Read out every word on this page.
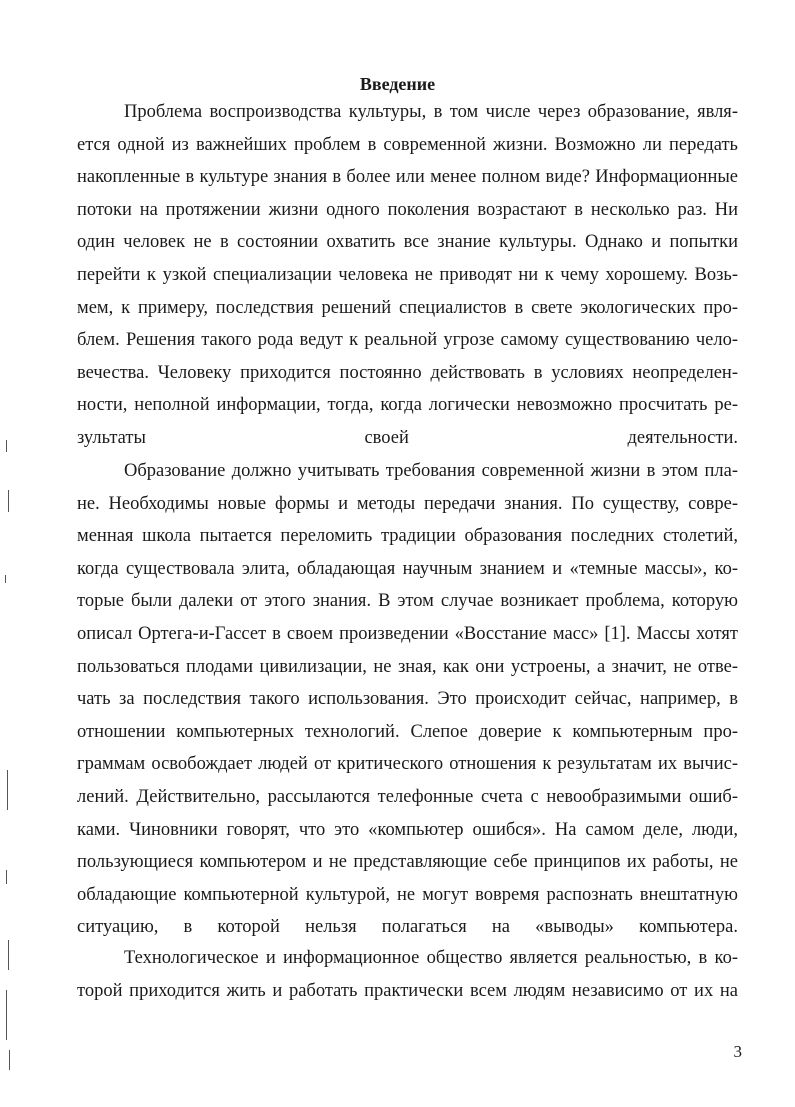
Введение

Проблема воспроизводства культуры, в том числе через образование, является одной из важнейших проблем в современной жизни. Возможно ли передать накопленные в культуре знания в более или менее полном виде? Информационные потоки на протяжении жизни одного поколения возрастают в несколько раз. Ни один человек не в состоянии охватить все знание культуры. Однако и попытки перейти к узкой специализации человека не приводят ни к чему хорошему. Возьмем, к примеру, последствия решений специалистов в свете экологических проблем. Решения такого рода ведут к реальной угрозе самому существованию человечества. Человеку приходится постоянно действовать в условиях неопределенности, неполной информации, тогда, когда логически невозможно просчитать результаты своей деятельности.

Образование должно учитывать требования современной жизни в этом плане. Необходимы новые формы и методы передачи знания. По существу, современная школа пытается переломить традиции образования последних столетий, когда существовала элита, обладающая научным знанием и «темные массы», которые были далеки от этого знания. В этом случае возникает проблема, которую описал Ортега-и-Гассет в своем произведении «Восстание масс» [1]. Массы хотят пользоваться плодами цивилизации, не зная, как они устроены, а значит, не отвечать за последствия такого использования. Это происходит сейчас, например, в отношении компьютерных технологий. Слепое доверие к компьютерным программам освобождает людей от критического отношения к результатам их вычислений. Действительно, рассылаются телефонные счета с невообразимыми ошибками. Чиновники говорят, что это «компьютер ошибся». На самом деле, люди, пользующиеся компьютером и не представляющие себе принципов их работы, не обладающие компьютерной культурой, не могут вовремя распознать внештатную ситуацию, в которой нельзя полагаться на «выводы» компьютера.

Технологическое и информационное общество является реальностью, в которой приходится жить и работать практически всем людям независимо от их на

3
